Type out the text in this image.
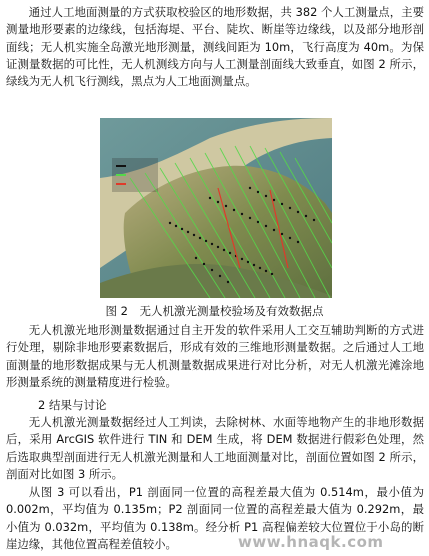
通过人工地面测量的方式获取校验区的地形数据，共 382 个人工测量点，主要测量地形要素的边缘线，包括海堤、平台、陡坎、断崖等边缘线，以及部分地形剖面线；无人机实施全岛激光地形测量，测线间距为 10m，飞行高度为 40m。为保证测量数据的可比性，无人机测线方向与人工测量剖面线大致垂直，如图 2 所示，绿线为无人机飞行测线，黑点为人工地面测量点。

图 2　无人机激光测量校验场及有效数据点

无人机激光地形测量数据通过自主开发的软件采用人工交互辅助判断的方式进行处理，剔除非地形要素数据后，形成有效的三维地形测量数据。之后通过人工地面测量的地形数据成果与无人机测量数据成果进行对比分析，对无人机激光滩涂地形测量系统的测量精度进行检验。

2 结果与讨论

无人机激光测量数据经过人工判读，去除树林、水面等地物产生的非地形数据后，采用 ArcGIS 软件进行 TIN 和 DEM 生成，将 DEM 数据进行假彩色处理，然后选取典型剖面进行无人机激光测量和人工地面测量对比，剖面位置如图 2 所示，剖面对比如图 3 所示。

从图 3 可以看出，P1 剖面同一位置的高程差最大值为 0.514m，最小值为 0.002m，平均值为 0.135m；P2 剖面同一位置的高程差最大值为 0.292m，最小值为 0.032m，平均值为 0.138m。经分析 P1 高程偏差较大位置位于小岛的断崖边缘，其他位置高程差值较小。	www.hnaqk.com
